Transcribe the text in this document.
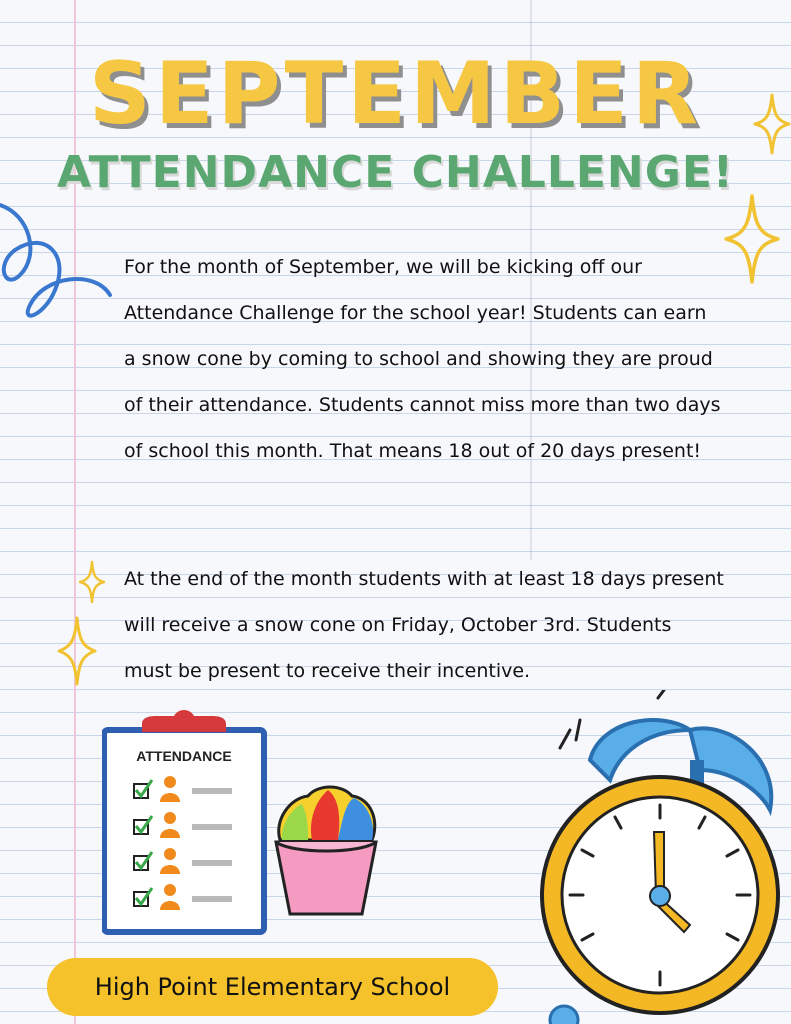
SEPTEMBER
ATTENDANCE CHALLENGE!
For the month of September, we will be kicking off our Attendance Challenge for the school year! Students can earn a snow cone by coming to school and showing they are proud of their attendance. Students cannot miss more than two days of school this month. That means 18 out of 20 days present!
At the end of the month students with at least 18 days present will receive a snow cone on Friday, October 3rd. Students must be present to receive their incentive.
ATTENDANCE
High Point Elementary School
